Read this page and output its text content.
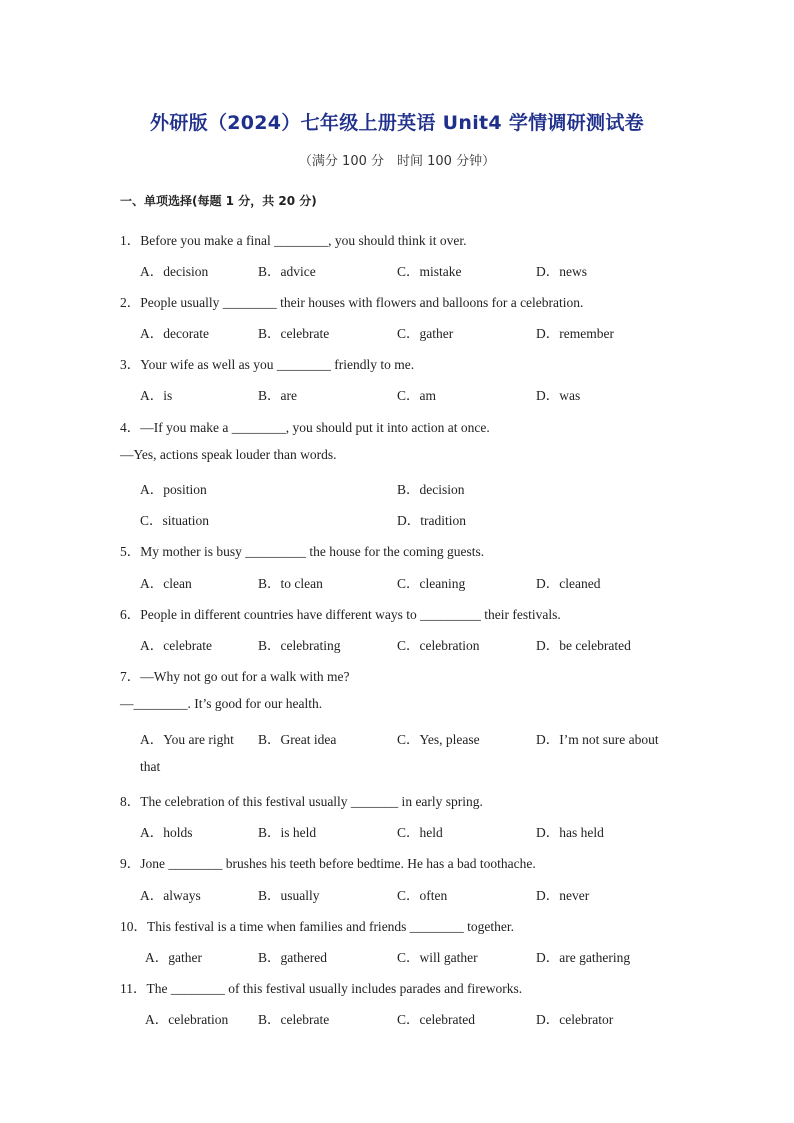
外研版（2024）七年级上册英语 Unit4 学情调研测试卷
（满分 100 分　时间 100 分钟）
一、单项选择(每题 1 分，共 20 分)
1．Before you make a final ________, you should think it over.
A．decision	B．advice	C．mistake	D．news
2．People usually ________ their houses with flowers and balloons for a celebration.
A．decorate	B．celebrate	C．gather	D．remember
3．Your wife as well as you ________ friendly to me.
A．is	B．are	C．am	D．was
4．—If you make a ________, you should put it into action at once.
—Yes, actions speak louder than words.
A．position	B．decision
C．situation	D．tradition
5．My mother is busy _________ the house for the coming guests.
A．clean	B．to clean	C．cleaning	D．cleaned
6．People in different countries have different ways to _________ their festivals.
A．celebrate	B．celebrating	C．celebration	D．be celebrated
7．—Why not go out for a walk with me?
—________. It’s good for our health.
A．You are right B．Great idea	C．Yes, please	D．I’m not sure about
that
8．The celebration of this festival usually _______ in early spring.
A．holds	B．is held	C．held	D．has held
9．Jone ________ brushes his teeth before bedtime. He has a bad toothache.
A．always	B．usually	C．often	D．never
10．This festival is a time when families and friends ________ together.
A．gather	B．gathered	C．will gather	D．are gathering
11．The ________ of this festival usually includes parades and fireworks.
A．celebration B．celebrate	C．celebrated	D．celebrator
